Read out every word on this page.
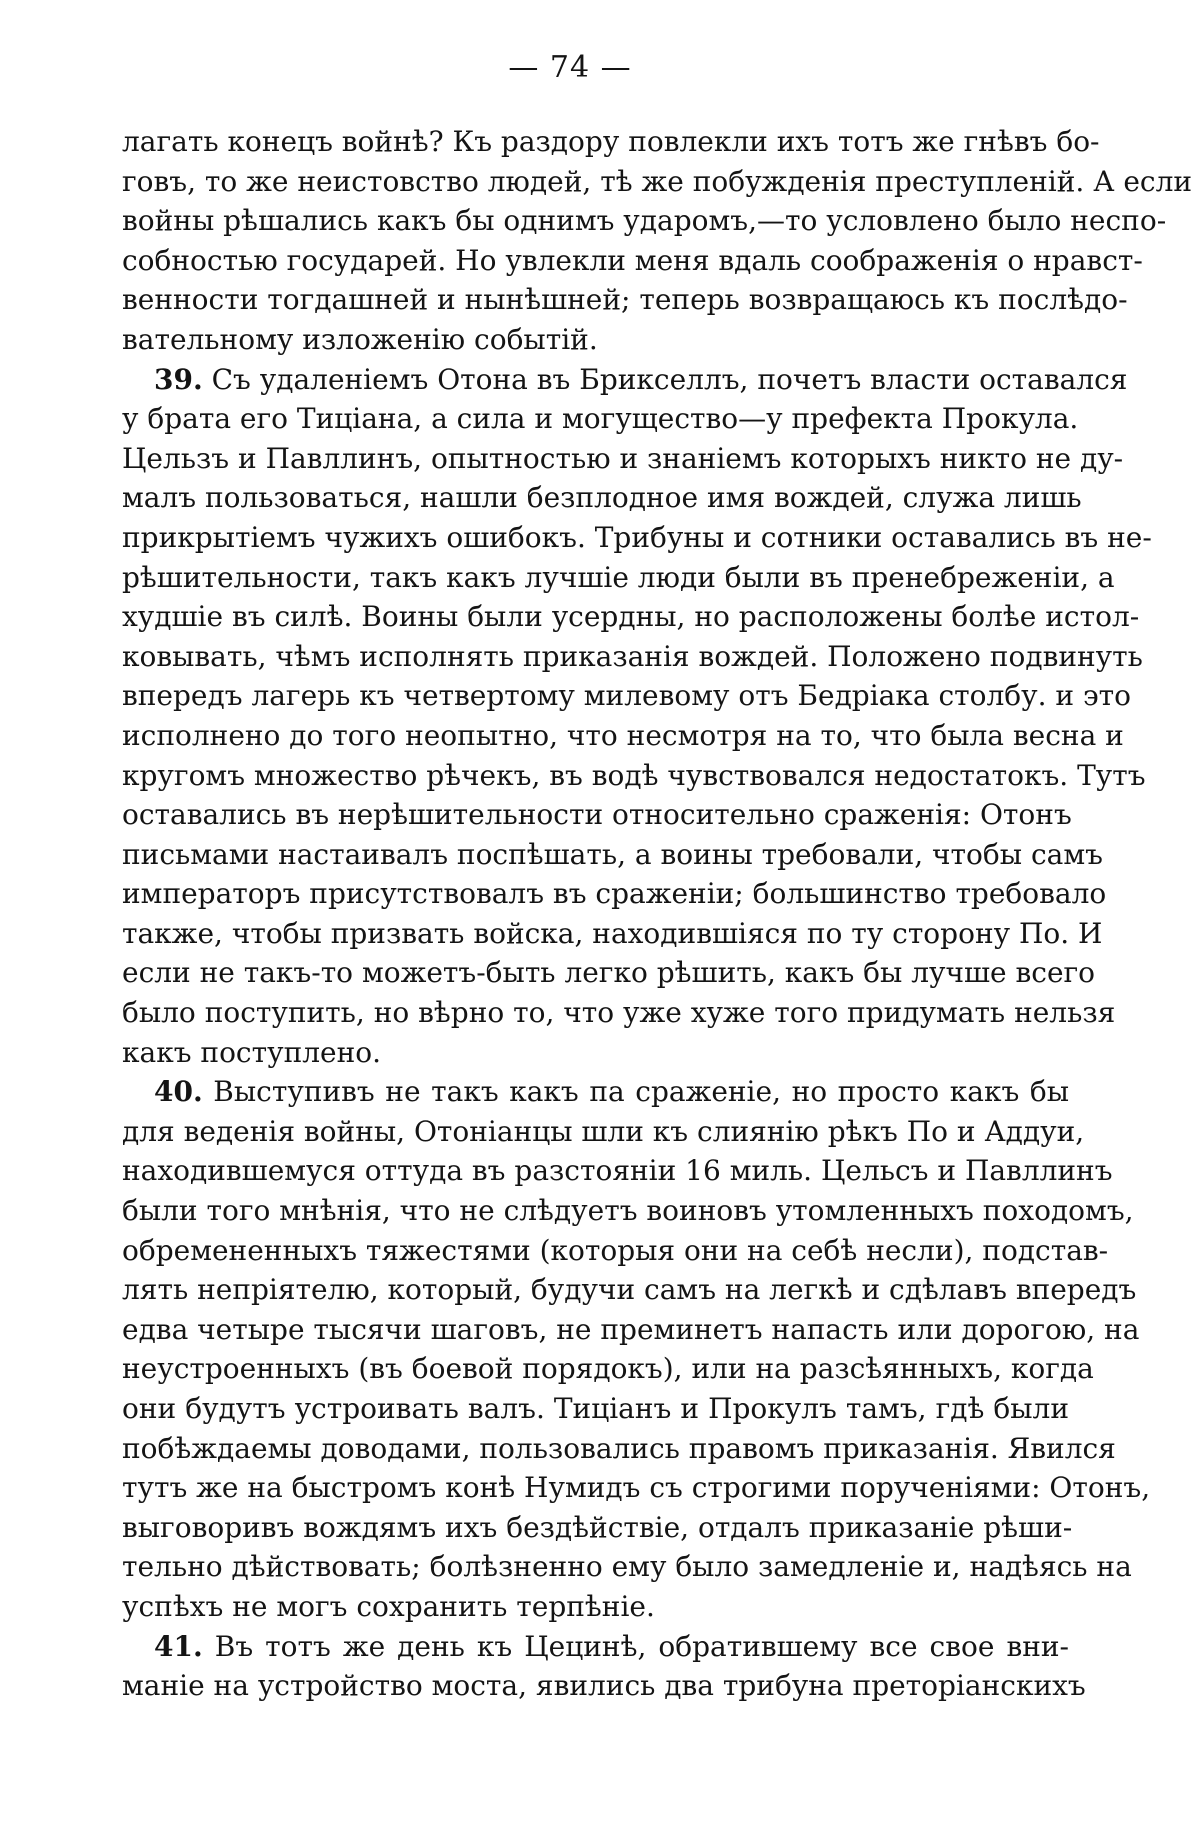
— 74 —
лагать конецъ войнѣ? Къ раздору повлекли ихъ тотъ же гнѣвъ бо-
говъ, то же неистовство людей, тѣ же побужденія преступленій. А если
войны рѣшались какъ бы однимъ ударомъ,—то условлено было неспо-
собностью государей. Но увлекли меня вдаль соображенія о нравст-
венности тогдашней и нынѣшней; теперь возвращаюсь къ послѣдо-
вательному изложенію событій.
39. Съ удаленіемъ Отона въ Брикселлъ, почетъ власти оставался
у брата его Тиціана, а сила и могущество—у префекта Прокула.
Цельзъ и Павллинъ, опытностью и знаніемъ которыхъ никто не ду-
малъ пользоваться, нашли безплодное имя вождей, служа лишь
прикрытіемъ чужихъ ошибокъ. Трибуны и сотники оставались въ не-
рѣшительности, такъ какъ лучшіе люди были въ пренебреженіи, а
худшіе въ силѣ. Воины были усердны, но расположены болѣе истол-
ковывать, чѣмъ исполнять приказанія вождей. Положено подвинуть
впередъ лагерь къ четвертому милевому отъ Бедріака столбу. и это
исполнено до того неопытно, что несмотря на то, что была весна и
кругомъ множество рѣчекъ, въ водѣ чувствовался недостатокъ. Тутъ
оставались въ нерѣшительности относительно сраженія: Отонъ
письмами настаивалъ поспѣшать, а воины требовали, чтобы самъ
императоръ присутствовалъ въ сраженіи; большинство требовало
также, чтобы призвать войска, находившіяся по ту сторону По. И
если не такъ-то можетъ-быть легко рѣшить, какъ бы лучше всего
было поступить, но вѣрно то, что уже хуже того придумать нельзя
какъ поступлено.
40. Выступивъ не такъ какъ па сраженіе, но просто какъ бы
для веденія войны, Отоніанцы шли къ слиянію рѣкъ По и Аддуи,
находившемуся оттуда въ разстояніи 16 миль. Цельсъ и Павллинъ
были того мнѣнія, что не слѣдуетъ воиновъ утомленныхъ походомъ,
обремененныхъ тяжестями (которыя они на себѣ несли), подстав-
лять непріятелю, который, будучи самъ на легкѣ и сдѣлавъ впередъ
едва четыре тысячи шаговъ, не преминетъ напасть или дорогою, на
неустроенныхъ (въ боевой порядокъ), или на разсѣянныхъ, когда
они будутъ устроивать валъ. Тиціанъ и Прокулъ тамъ, гдѣ были
побѣждаемы доводами, пользовались правомъ приказанія. Явился
тутъ же на быстромъ конѣ Нумидъ съ строгими порученіями: Отонъ,
выговоривъ вождямъ ихъ бездѣйствіе, отдалъ приказаніе рѣши-
тельно дѣйствовать; болѣзненно ему было замедленіе и, надѣясь на
успѣхъ не могъ сохранить терпѣніе.
41. Въ тотъ же день къ Цецинѣ, обратившему все свое вни-
маніе на устройство моста, явились два трибуна преторіанскихъ
